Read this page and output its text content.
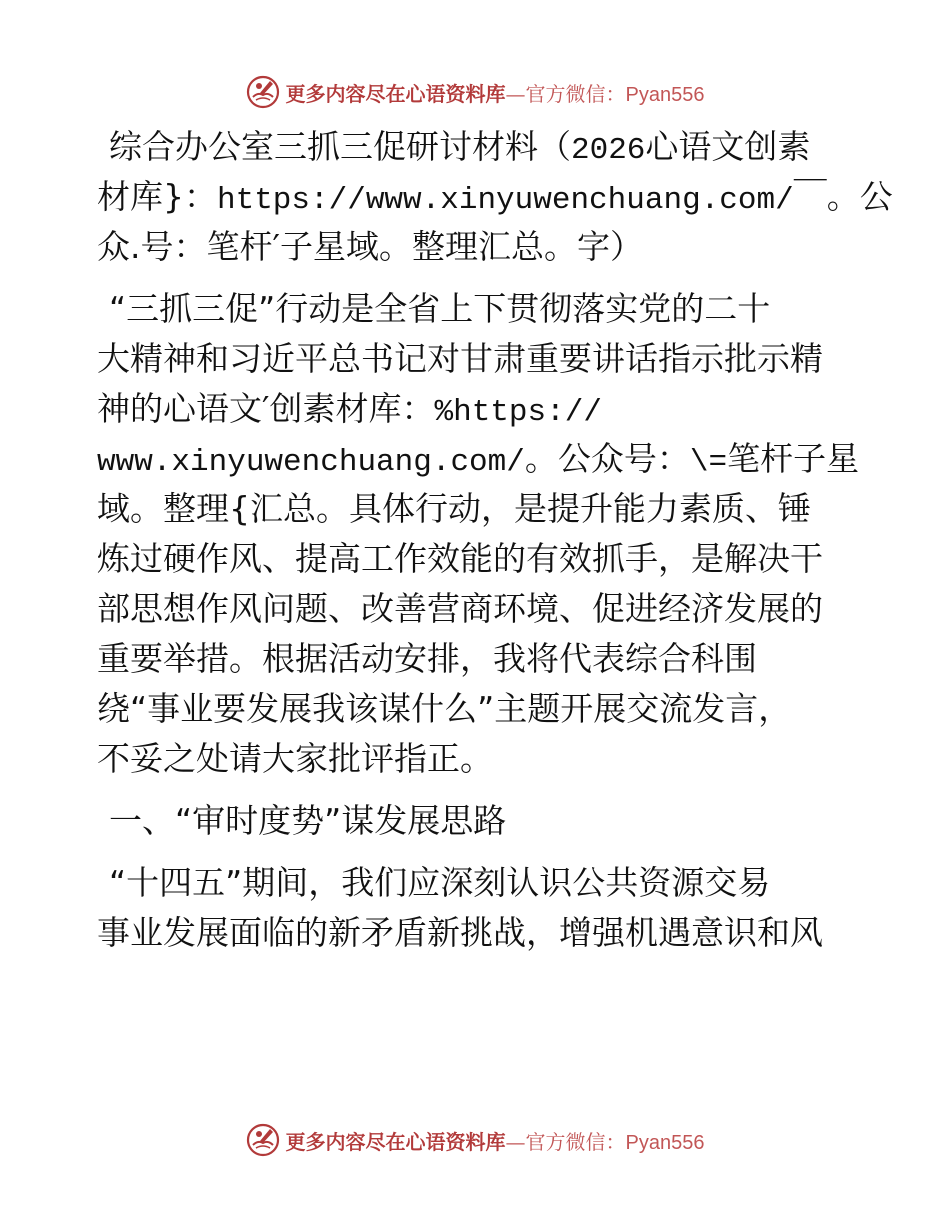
更多内容尽在心语资料库—官方微信：Pyan556
综合办公室三抓三促研讨材料（2026心语文创素
材库}：https://www.xinyuwenchuang.com/￣。公
众.号：笔杆′子星域。整理汇总。字）
“三抓三促”行动是全省上下贯彻落实党的二十
大精神和习近平总书记对甘肃重要讲话指示批示精
神的心语文′创素材库：%https://
www.xinyuwenchuang.com/。公众号：\=笔杆子星
域。整理{汇总。具体行动，是提升能力素质、锤
炼过硬作风、提高工作效能的有效抓手，是解决干
部思想作风问题、改善营商环境、促进经济发展的
重要举措。根据活动安排，我将代表综合科围
绕“事业要发展我该谋什么”主题开展交流发言，
不妥之处请大家批评指正。
一、“审时度势”谋发展思路
“十四五”期间，我们应深刻认识公共资源交易
事业发展面临的新矛盾新挑战，增强机遇意识和风
更多内容尽在心语资料库—官方微信：Pyan556
